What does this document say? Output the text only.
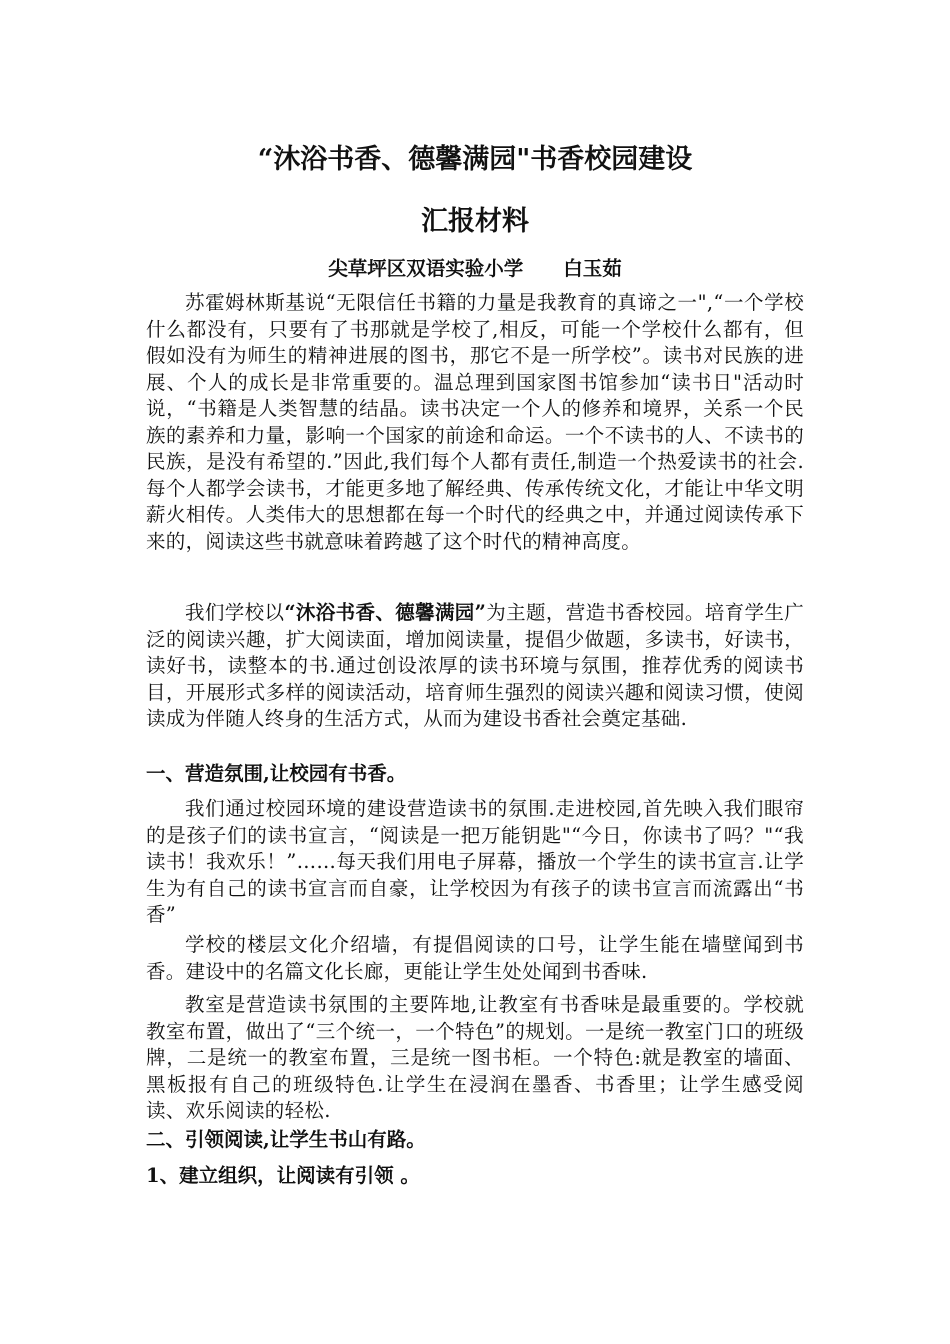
“沐浴书香、德馨满园"书香校园建设
汇报材料
尖草坪区双语实验小学 白玉茹

苏霍姆林斯基说“无限信任书籍的力量是我教育的真谛之一",“一个学校什么都没有，只要有了书那就是学校了,相反，可能一个学校什么都有，但假如没有为师生的精神进展的图书，那它不是一所学校”。读书对民族的进展、个人的成长是非常重要的。温总理到国家图书馆参加“读书日"活动时说，“书籍是人类智慧的结晶。读书决定一个人的修养和境界，关系一个民族的素养和力量，影响一个国家的前途和命运。一个不读书的人、不读书的民族，是没有希望的.”因此,我们每个人都有责任,制造一个热爱读书的社会.每个人都学会读书，才能更多地了解经典、传承传统文化，才能让中华文明薪火相传。人类伟大的思想都在每一个时代的经典之中，并通过阅读传承下来的，阅读这些书就意味着跨越了这个时代的精神高度。

我们学校以“沐浴书香、德馨满园”为主题，营造书香校园。培育学生广泛的阅读兴趣，扩大阅读面，增加阅读量，提倡少做题，多读书，好读书，读好书，读整本的书.通过创设浓厚的读书环境与氛围，推荐优秀的阅读书目，开展形式多样的阅读活动，培育师生强烈的阅读兴趣和阅读习惯，使阅读成为伴随人终身的生活方式，从而为建设书香社会奠定基础.

一、营造氛围,让校园有书香。

我们通过校园环境的建设营造读书的氛围.走进校园,首先映入我们眼帘的是孩子们的读书宣言，“阅读是一把万能钥匙"“今日，你读书了吗？"“我读书！我欢乐！”……每天我们用电子屏幕，播放一个学生的读书宣言.让学生为有自己的读书宣言而自豪，让学校因为有孩子的读书宣言而流露出“书香”

学校的楼层文化介绍墙，有提倡阅读的口号，让学生能在墙壁闻到书香。建设中的名篇文化长廊，更能让学生处处闻到书香味.

教室是营造读书氛围的主要阵地,让教室有书香味是最重要的。学校就教室布置，做出了“三个统一，一个特色”的规划。一是统一教室门口的班级牌，二是统一的教室布置，三是统一图书柜。一个特色:就是教室的墙面、黑板报有自己的班级特色.让学生在浸润在墨香、书香里；让学生感受阅读、欢乐阅读的轻松.

二、引领阅读,让学生书山有路。

1、建立组织，让阅读有引领 。
